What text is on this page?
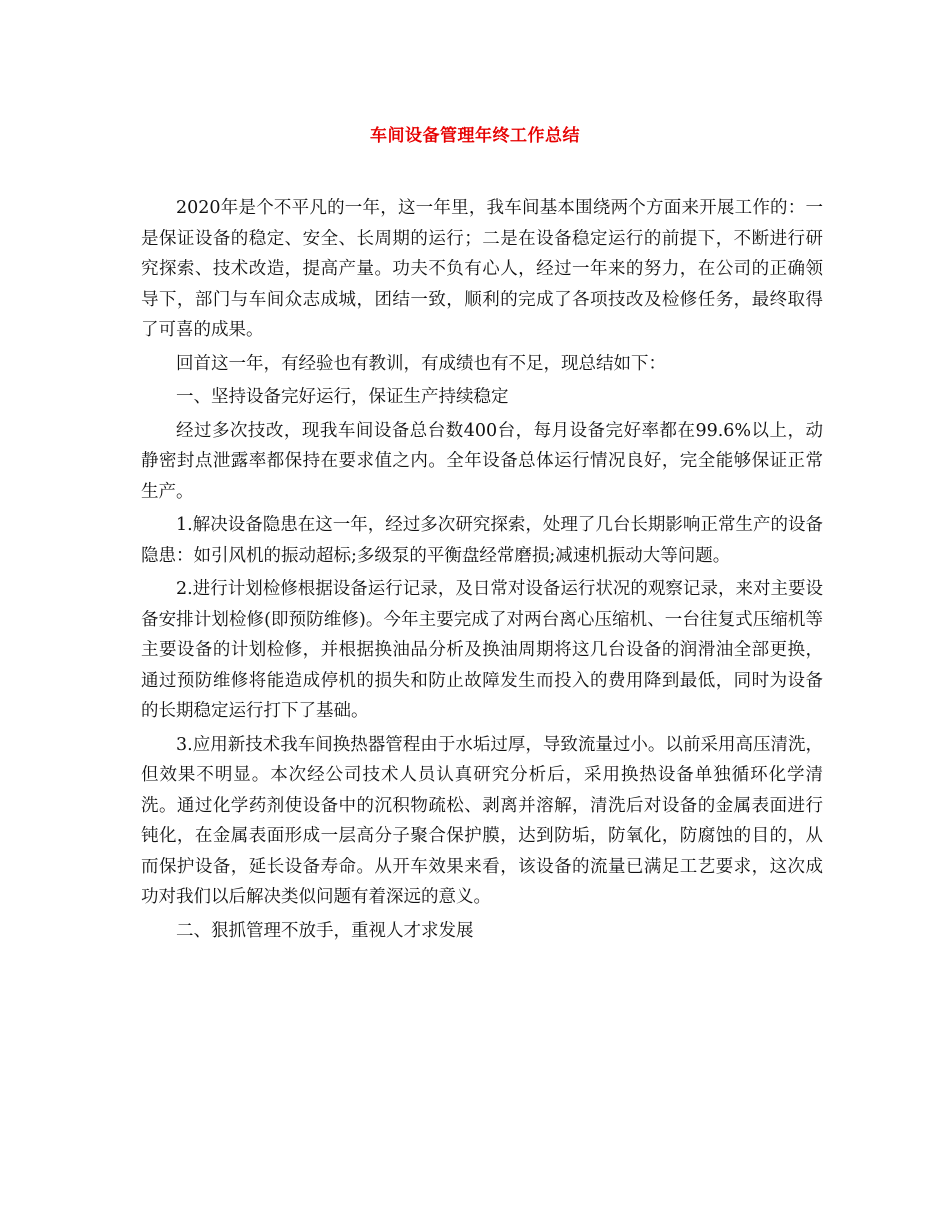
车间设备管理年终工作总结

2020年是个不平凡的一年，这一年里，我车间基本围绕两个方面来开展工作的：一是保证设备的稳定、安全、长周期的运行；二是在设备稳定运行的前提下，不断进行研究探索、技术改造，提高产量。功夫不负有心人，经过一年来的努力，在公司的正确领导下，部门与车间众志成城，团结一致，顺利的完成了各项技改及检修任务，最终取得了可喜的成果。

回首这一年，有经验也有教训，有成绩也有不足，现总结如下：

一、坚持设备完好运行，保证生产持续稳定

经过多次技改，现我车间设备总台数400台，每月设备完好率都在99.6%以上，动静密封点泄露率都保持在要求值之内。全年设备总体运行情况良好，完全能够保证正常生产。

1.解决设备隐患在这一年，经过多次研究探索，处理了几台长期影响正常生产的设备隐患：如引风机的振动超标;多级泵的平衡盘经常磨损;减速机振动大等问题。

2.进行计划检修根据设备运行记录，及日常对设备运行状况的观察记录，来对主要设备安排计划检修(即预防维修)。今年主要完成了对两台离心压缩机、一台往复式压缩机等主要设备的计划检修，并根据换油品分析及换油周期将这几台设备的润滑油全部更换，通过预防维修将能造成停机的损失和防止故障发生而投入的费用降到最低，同时为设备的长期稳定运行打下了基础。

3.应用新技术我车间换热器管程由于水垢过厚，导致流量过小。以前采用高压清洗，但效果不明显。本次经公司技术人员认真研究分析后，采用换热设备单独循环化学清洗。通过化学药剂使设备中的沉积物疏松、剥离并溶解，清洗后对设备的金属表面进行钝化，在金属表面形成一层高分子聚合保护膜，达到防垢，防氧化，防腐蚀的目的，从而保护设备，延长设备寿命。从开车效果来看，该设备的流量已满足工艺要求，这次成功对我们以后解决类似问题有着深远的意义。

二、狠抓管理不放手，重视人才求发展
